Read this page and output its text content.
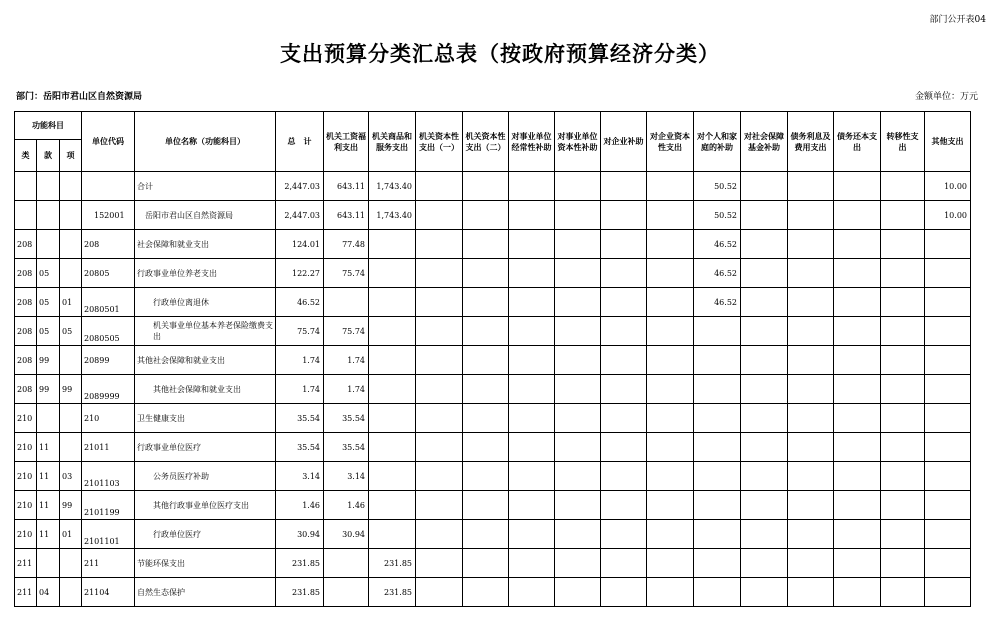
部门公开表04
支出预算分类汇总表（按政府预算经济分类）
部门：岳阳市君山区自然资源局	金额单位：万元
功能科目			单位代码	单位名称（功能科目）	总　计	机关工资福利支出	机关商品和服务支出	机关资本性支出（一）	机关资本性支出（二）	对事业单位经常性补助	对事业单位资本性补助	对企业补助	对企业资本性支出	对个人和家庭的补助	对社会保障基金补助	债务利息及费用支出	债务还本支出	转移性支出	其他支出
类	款	项																	
				合计	2,447.03	643.11	1,743.40							50.52					10.00
			152001	岳阳市君山区自然资源局	2,447.03	643.11	1,743.40							50.52					10.00
208			208	社会保障和就业支出	124.01	77.48								46.52					
208	05		20805	行政事业单位养老支出	122.27	75.74								46.52					
208	05	01	2080501	行政单位离退休	46.52									46.52					
208	05	05	2080505	机关事业单位基本养老保险缴费支出	75.74	75.74													
208	99		20899	其他社会保障和就业支出	1.74	1.74													
208	99	99	2089999	其他社会保障和就业支出	1.74	1.74													
210			210	卫生健康支出	35.54	35.54													
210	11		21011	行政事业单位医疗	35.54	35.54													
210	11	03	2101103	公务员医疗补助	3.14	3.14													
210	11	99	2101199	其他行政事业单位医疗支出	1.46	1.46													
210	11	01	2101101	行政单位医疗	30.94	30.94													
211			211	节能环保支出	231.85		231.85												
211	04		21104	自然生态保护	231.85		231.85												
